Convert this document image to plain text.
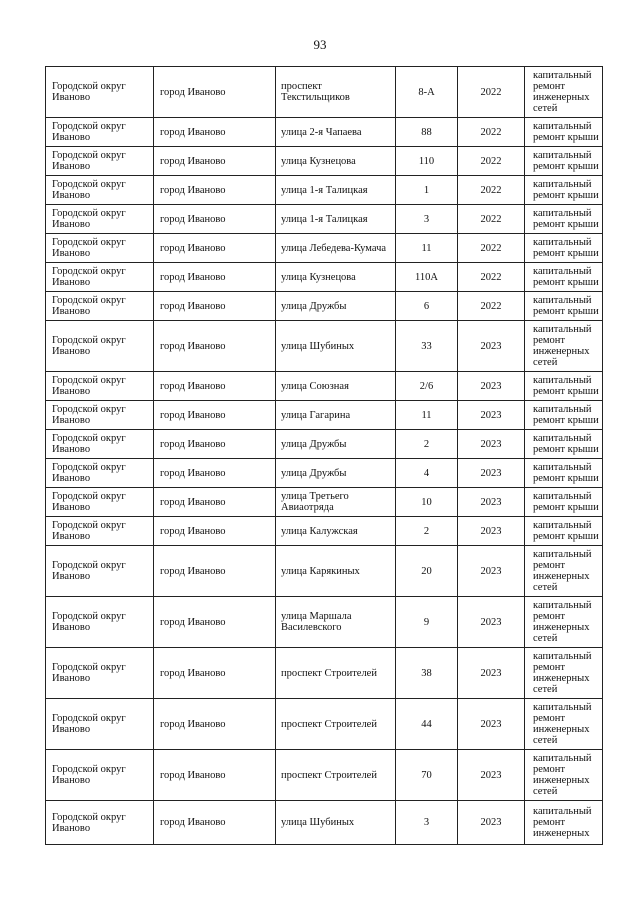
93
Городской округ Иваново	город Иваново	проспект Текстильщиков	8-А	2022	капитальный ремонт инженерных сетей
Городской округ Иваново	город Иваново	улица 2-я Чапаева	88	2022	капитальный ремонт крыши
Городской округ Иваново	город Иваново	улица Кузнецова	110	2022	капитальный ремонт крыши
Городской округ Иваново	город Иваново	улица 1-я Талицкая	1	2022	капитальный ремонт крыши
Городской округ Иваново	город Иваново	улица 1-я Талицкая	3	2022	капитальный ремонт крыши
Городской округ Иваново	город Иваново	улица Лебедева-Кумача	11	2022	капитальный ремонт крыши
Городской округ Иваново	город Иваново	улица Кузнецова	110А	2022	капитальный ремонт крыши
Городской округ Иваново	город Иваново	улица Дружбы	6	2022	капитальный ремонт крыши
Городской округ Иваново	город Иваново	улица Шубиных	33	2023	капитальный ремонт инженерных сетей
Городской округ Иваново	город Иваново	улица Союзная	2/6	2023	капитальный ремонт крыши
Городской округ Иваново	город Иваново	улица Гагарина	11	2023	капитальный ремонт крыши
Городской округ Иваново	город Иваново	улица Дружбы	2	2023	капитальный ремонт крыши
Городской округ Иваново	город Иваново	улица Дружбы	4	2023	капитальный ремонт крыши
Городской округ Иваново	город Иваново	улица Третьего Авиаотряда	10	2023	капитальный ремонт крыши
Городской округ Иваново	город Иваново	улица Калужская	2	2023	капитальный ремонт крыши
Городской округ Иваново	город Иваново	улица Карякиных	20	2023	капитальный ремонт инженерных сетей
Городской округ Иваново	город Иваново	улица Маршала Василевского	9	2023	капитальный ремонт инженерных сетей
Городской округ Иваново	город Иваново	проспект Строителей	38	2023	капитальный ремонт инженерных сетей
Городской округ Иваново	город Иваново	проспект Строителей	44	2023	капитальный ремонт инженерных сетей
Городской округ Иваново	город Иваново	проспект Строителей	70	2023	капитальный ремонт инженерных сетей
Городской округ Иваново	город Иваново	улица Шубиных	3	2023	капитальный ремонт инженерных
